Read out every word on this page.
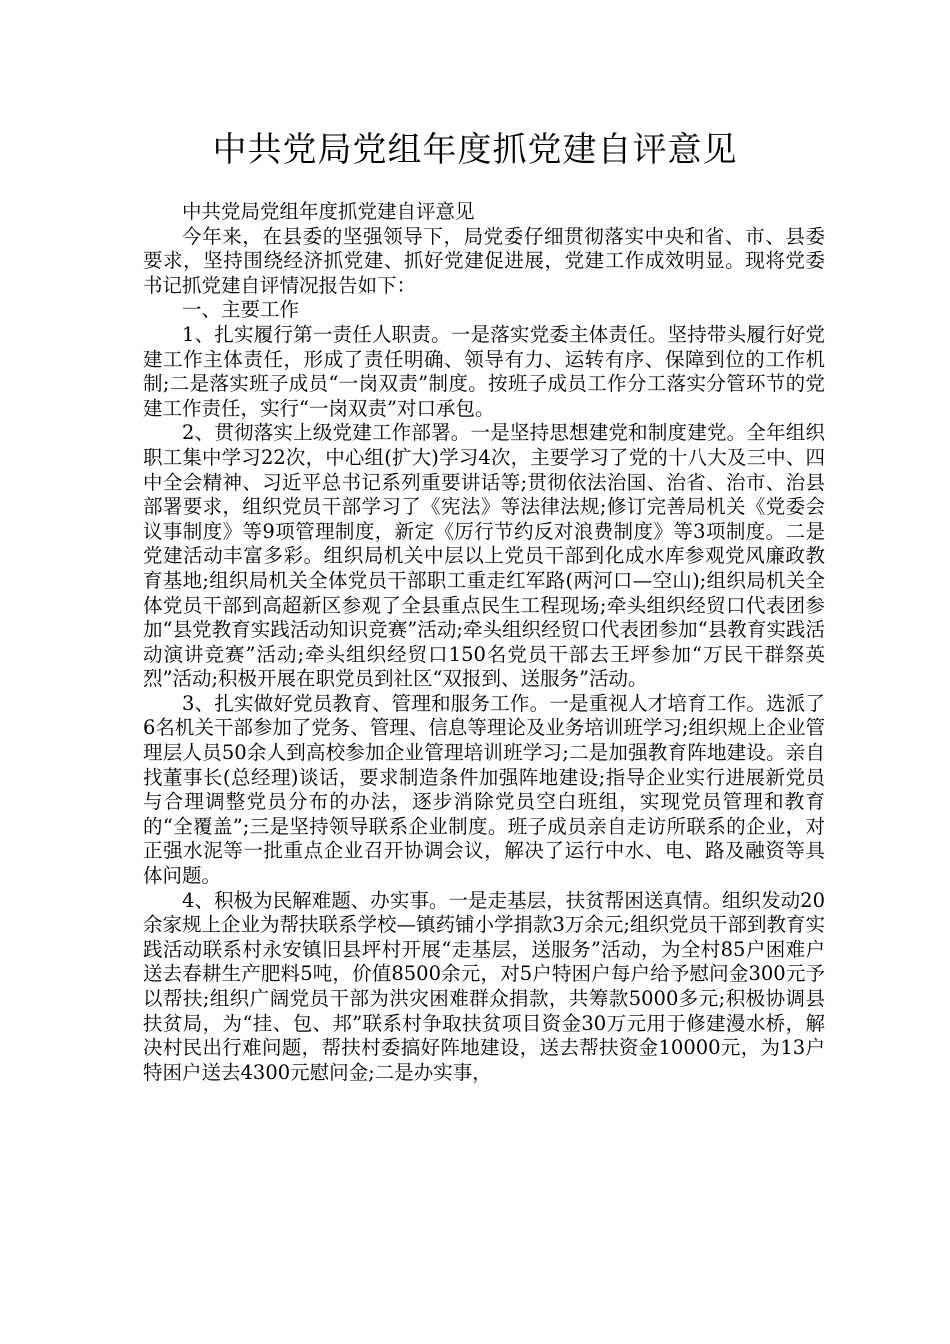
中共党局党组年度抓党建自评意见

中共党局党组年度抓党建自评意见

今年来，在县委的坚强领导下，局党委仔细贯彻落实中央和省、市、县委要求，坚持围绕经济抓党建、抓好党建促进展，党建工作成效明显。现将党委书记抓党建自评情况报告如下：

一、主要工作

1、扎实履行第一责任人职责。一是落实党委主体责任。坚持带头履行好党建工作主体责任，形成了责任明确、领导有力、运转有序、保障到位的工作机制;二是落实班子成员“一岗双责”制度。按班子成员工作分工落实分管环节的党建工作责任，实行“一岗双责”对口承包。

2、贯彻落实上级党建工作部署。一是坚持思想建党和制度建党。全年组织职工集中学习22次，中心组(扩大)学习4次，主要学习了党的十八大及三中、四中全会精神、习近平总书记系列重要讲话等;贯彻依法治国、治省、治市、治县部署要求，组织党员干部学习了《宪法》等法律法规;修订完善局机关《党委会议事制度》等9项管理制度，新定《厉行节约反对浪费制度》等3项制度。二是党建活动丰富多彩。组织局机关中层以上党员干部到化成水库参观党风廉政教育基地;组织局机关全体党员干部职工重走红军路(两河口—空山);组织局机关全体党员干部到高超新区参观了全县重点民生工程现场;牵头组织经贸口代表团参加“县党教育实践活动知识竞赛”活动;牵头组织经贸口代表团参加“县教育实践活动演讲竞赛”活动;牵头组织经贸口150名党员干部去王坪参加“万民干群祭英烈”活动;积极开展在职党员到社区“双报到、送服务”活动。

3、扎实做好党员教育、管理和服务工作。一是重视人才培育工作。选派了6名机关干部参加了党务、管理、信息等理论及业务培训班学习;组织规上企业管理层人员50余人到高校参加企业管理培训班学习;二是加强教育阵地建设。亲自找董事长(总经理)谈话，要求制造条件加强阵地建设;指导企业实行进展新党员与合理调整党员分布的办法，逐步消除党员空白班组，实现党员管理和教育的“全覆盖”;三是坚持领导联系企业制度。班子成员亲自走访所联系的企业，对正强水泥等一批重点企业召开协调会议，解决了运行中水、电、路及融资等具体问题。

4、积极为民解难题、办实事。一是走基层，扶贫帮困送真情。组织发动20余家规上企业为帮扶联系学校—镇药铺小学捐款3万余元;组织党员干部到教育实践活动联系村永安镇旧县坪村开展“走基层，送服务”活动，为全村85户困难户送去春耕生产肥料5吨，价值8500余元，对5户特困户每户给予慰问金300元予以帮扶;组织广阔党员干部为洪灾困难群众捐款，共筹款5000多元;积极协调县扶贫局，为“挂、包、邦”联系村争取扶贫项目资金30万元用于修建漫水桥，解决村民出行难问题，帮扶村委搞好阵地建设，送去帮扶资金10000元，为13户特困户送去4300元慰问金;二是办实事，
